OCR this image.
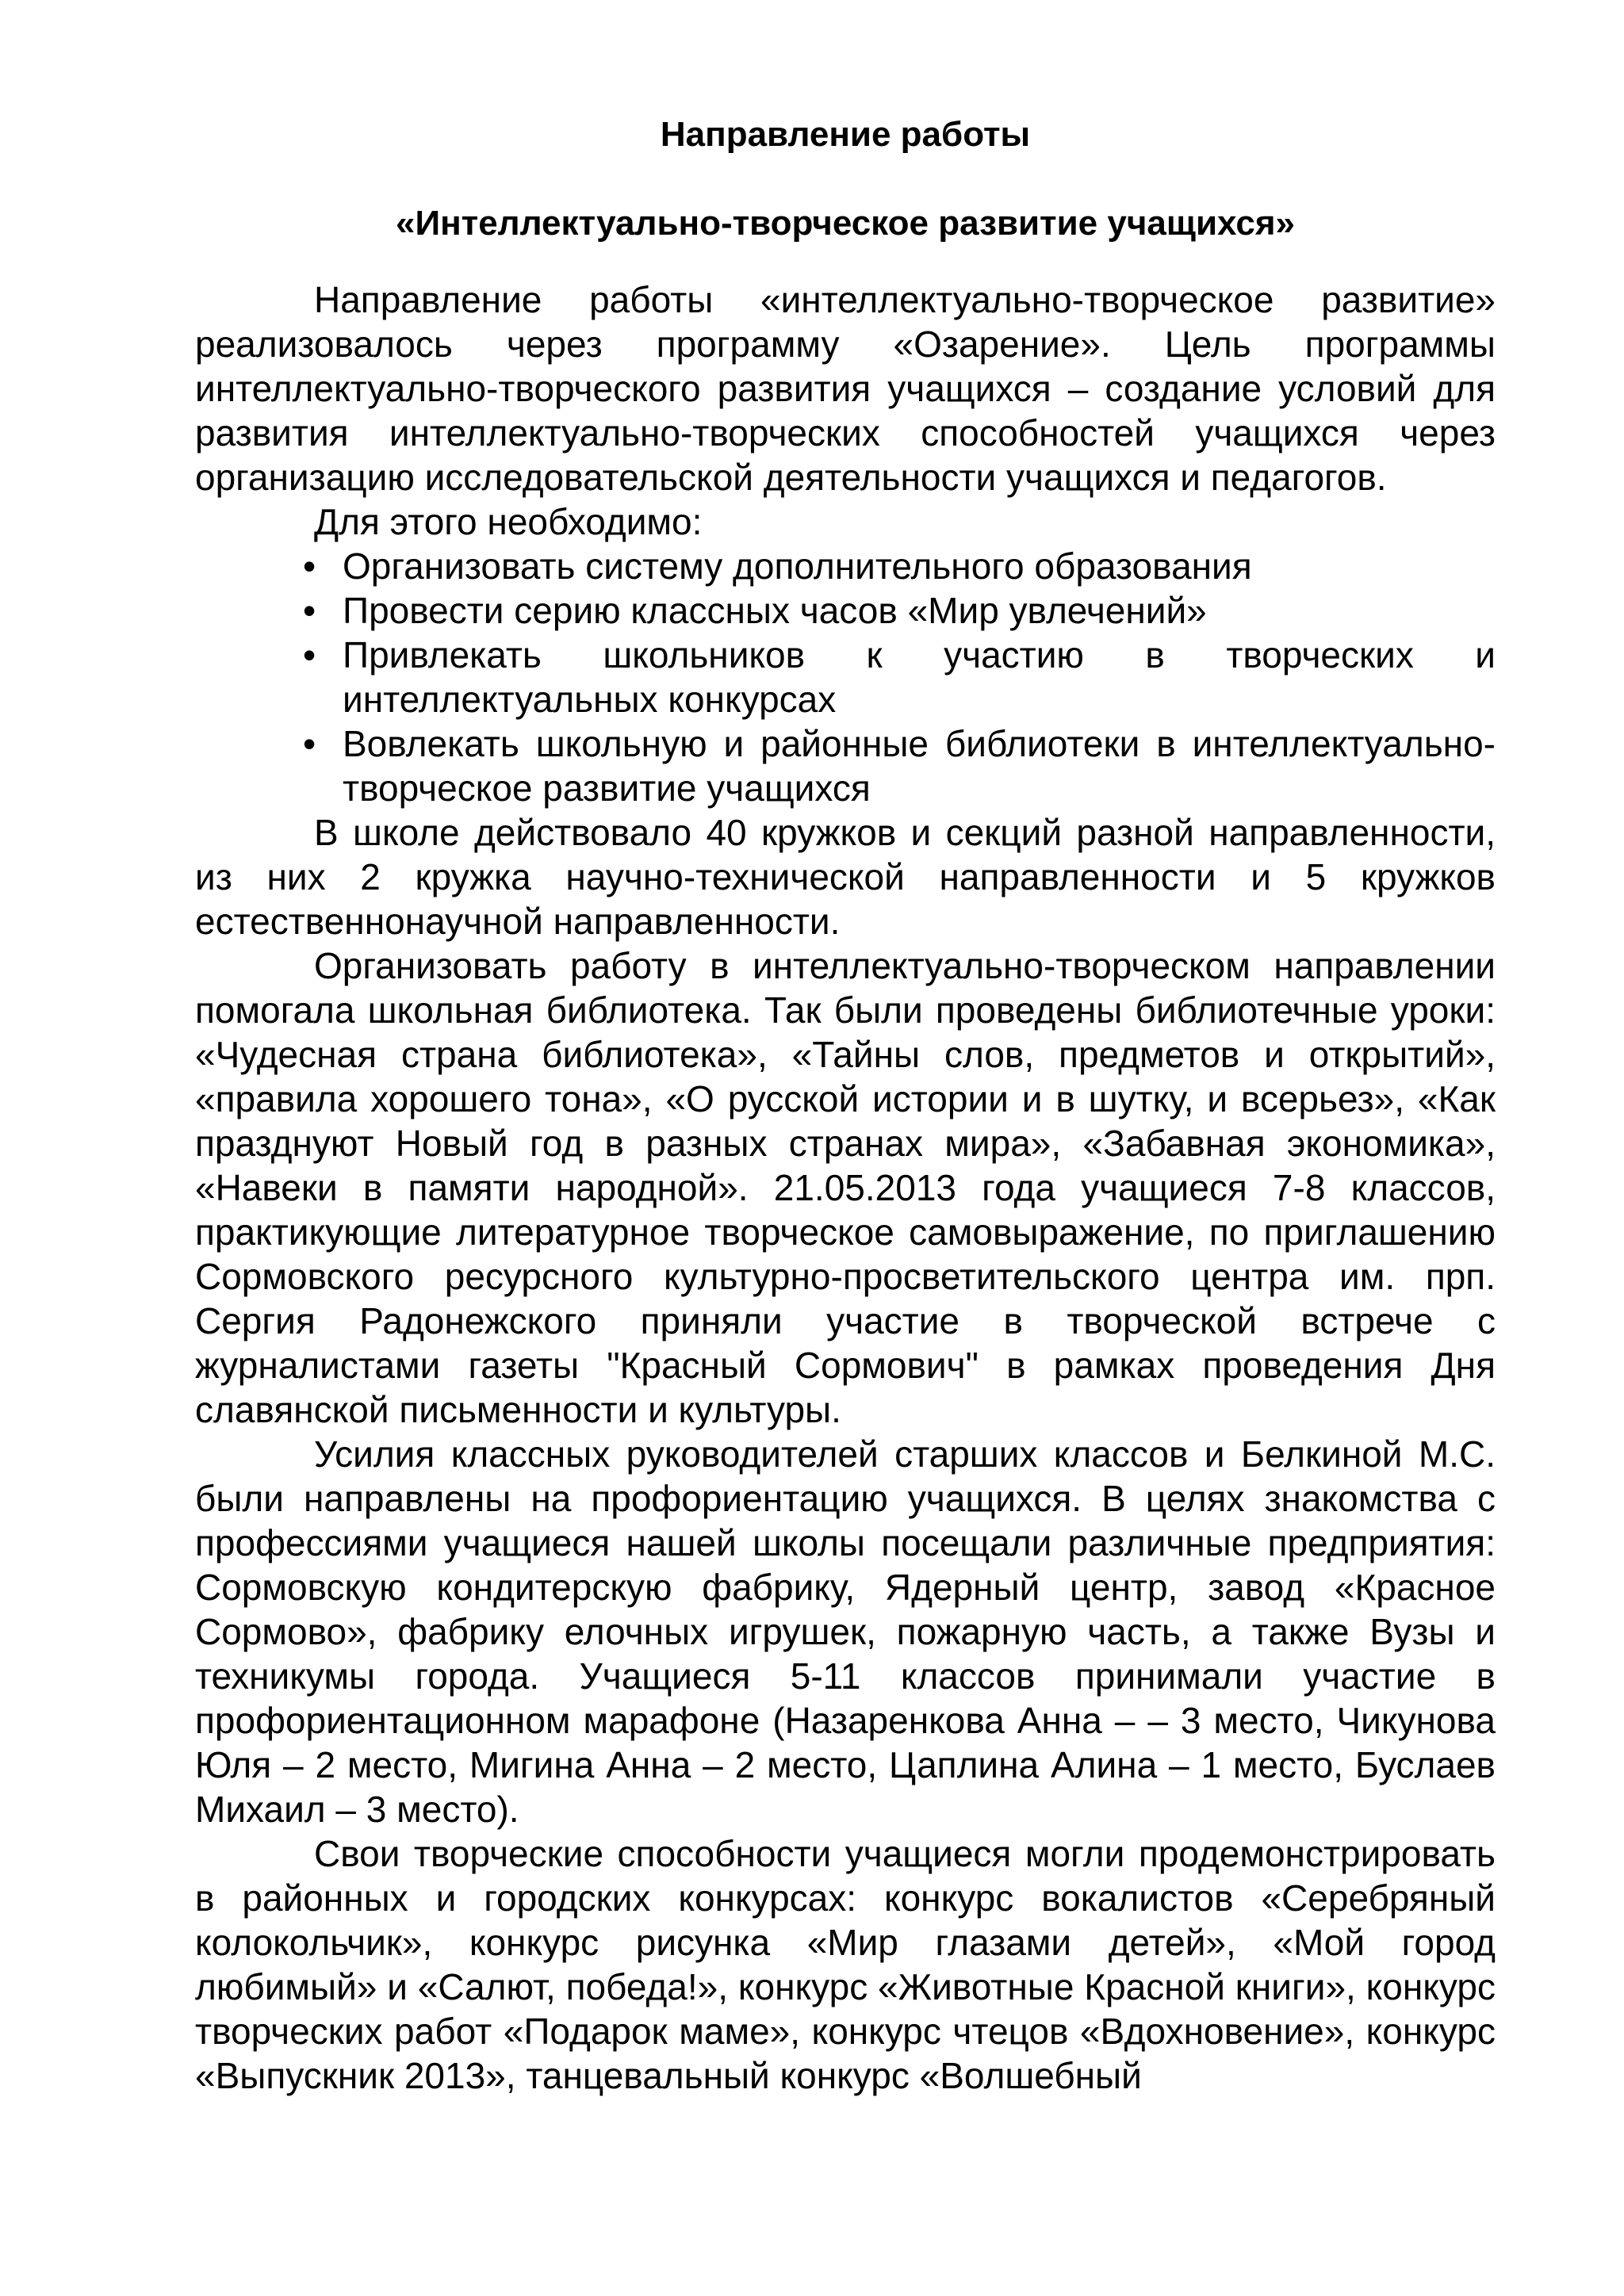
Направление работы
«Интеллектуально-творческое развитие учащихся»

Направление работы «интеллектуально-творческое развитие» реализовалось через программу «Озарение». Цель программы интеллектуально-творческого развития учащихся – создание условий для развития интеллектуально-творческих способностей учащихся через организацию исследовательской деятельности учащихся и педагогов.

Для этого необходимо:

• Организовать систему дополнительного образования
• Провести серию классных часов «Мир увлечений»
• Привлекать школьников к участию в творческих и интеллектуальных конкурсах
• Вовлекать школьную и районные библиотеки в интеллектуально-творческое развитие учащихся

В школе действовало 40 кружков и секций разной направленности, из них 2 кружка научно-технической направленности и 5 кружков естественнонаучной направленности.

Организовать работу в интеллектуально-творческом направлении помогала школьная библиотека. Так были проведены библиотечные уроки: «Чудесная страна библиотека», «Тайны слов, предметов и открытий», «правила хорошего тона», «О русской истории и в шутку, и всерьез», «Как празднуют Новый год в разных странах мира», «Забавная экономика», «Навеки в памяти народной». 21.05.2013 года учащиеся 7-8 классов, практикующие литературное творческое самовыражение, по приглашению Сормовского ресурсного культурно-просветительского центра им. прп. Сергия Радонежского приняли участие в творческой встрече с журналистами газеты "Красный Сормович" в рамках проведения Дня славянской письменности и культуры.

Усилия классных руководителей старших классов и Белкиной М.С. были направлены на профориентацию учащихся. В целях знакомства с профессиями учащиеся нашей школы посещали различные предприятия: Сормовскую кондитерскую фабрику, Ядерный центр, завод «Красное Сормово», фабрику елочных игрушек, пожарную часть, а также Вузы и техникумы города. Учащиеся 5-11 классов принимали участие в профориентационном марафоне (Назаренкова Анна – – 3 место, Чикунова Юля – 2 место, Мигина Анна – 2 место, Цаплина Алина – 1 место, Буслаев Михаил – 3 место).

Свои творческие способности учащиеся могли продемонстрировать в районных и городских конкурсах: конкурс вокалистов «Серебряный колокольчик», конкурс рисунка «Мир глазами детей», «Мой город любимый» и «Салют, победа!», конкурс «Животные Красной книги», конкурс творческих работ «Подарок маме», конкурс чтецов «Вдохновение», конкурс «Выпускник 2013», танцевальный конкурс «Волшебный
